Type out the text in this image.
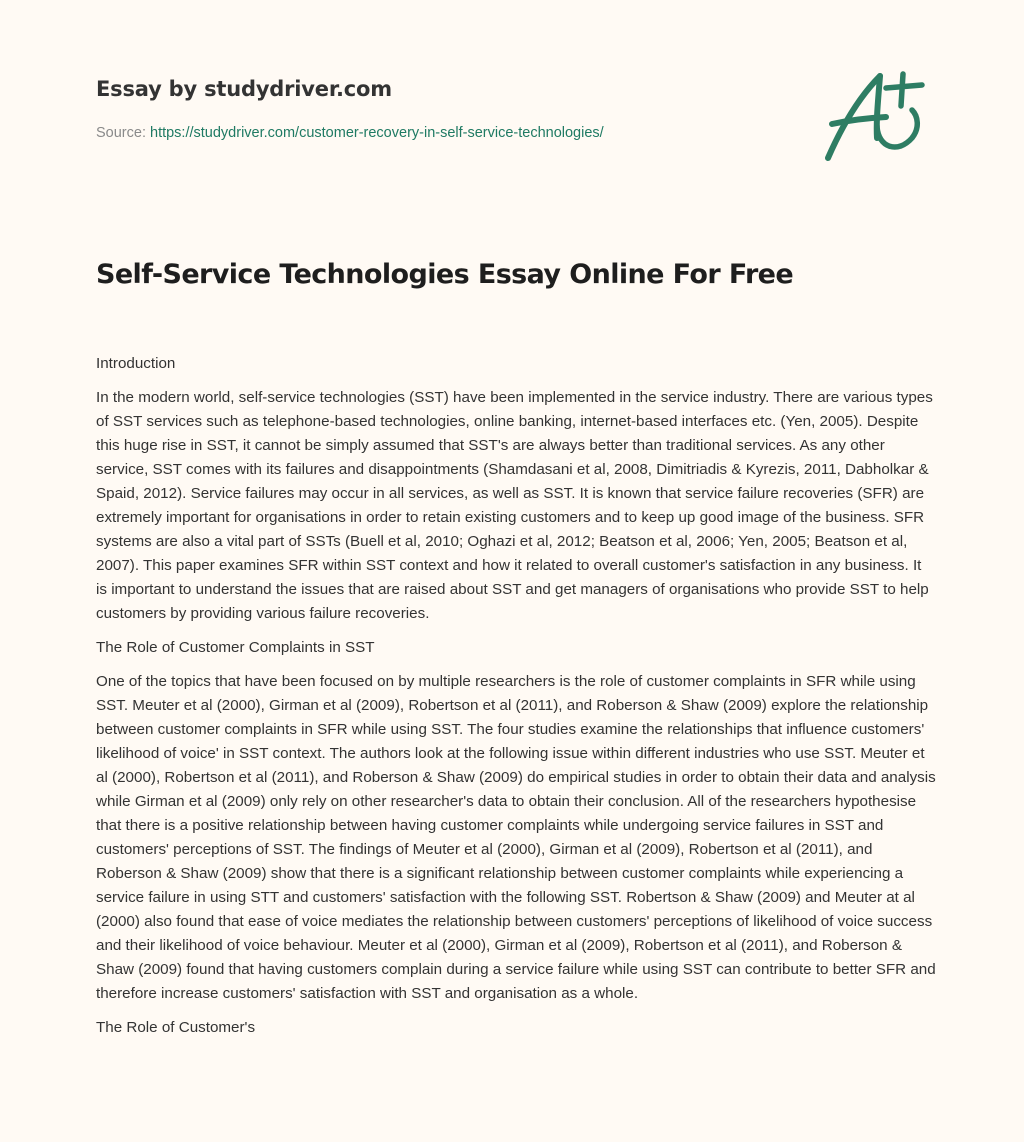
Essay by studydriver.com
Source: https://studydriver.com/customer-recovery-in-self-service-technologies/
Self-Service Technologies Essay Online For Free

Introduction

In the modern world, self-service technologies (SST) have been implemented in the service industry. There are various types of SST services such as telephone-based technologies, online banking, internet-based interfaces etc. (Yen, 2005). Despite this huge rise in SST, it cannot be simply assumed that SST's are always better than traditional services. As any other service, SST comes with its failures and disappointments (Shamdasani et al, 2008, Dimitriadis & Kyrezis, 2011, Dabholkar & Spaid, 2012). Service failures may occur in all services, as well as SST. It is known that service failure recoveries (SFR) are extremely important for organisations in order to retain existing customers and to keep up good image of the business. SFR systems are also a vital part of SSTs (Buell et al, 2010; Oghazi et al, 2012; Beatson et al, 2006; Yen, 2005; Beatson et al, 2007). This paper examines SFR within SST context and how it related to overall customer's satisfaction in any business. It is important to understand the issues that are raised about SST and get managers of organisations who provide SST to help customers by providing various failure recoveries.

The Role of Customer Complaints in SST

One of the topics that have been focused on by multiple researchers is the role of customer complaints in SFR while using SST. Meuter et al (2000), Girman et al (2009), Robertson et al (2011), and Roberson & Shaw (2009) explore the relationship between customer complaints in SFR while using SST. The four studies examine the relationships that influence customers' likelihood of voice' in SST context. The authors look at the following issue within different industries who use SST. Meuter et al (2000), Robertson et al (2011), and Roberson & Shaw (2009) do empirical studies in order to obtain their data and analysis while Girman et al (2009) only rely on other researcher's data to obtain their conclusion. All of the researchers hypothesise that there is a positive relationship between having customer complaints while undergoing service failures in SST and customers' perceptions of SST. The findings of Meuter et al (2000), Girman et al (2009), Robertson et al (2011), and Roberson & Shaw (2009) show that there is a significant relationship between customer complaints while experiencing a service failure in using STT and customers' satisfaction with the following SST. Robertson & Shaw (2009) and Meuter at al (2000) also found that ease of voice mediates the relationship between customers' perceptions of likelihood of voice success and their likelihood of voice behaviour. Meuter et al (2000), Girman et al (2009), Robertson et al (2011), and Roberson & Shaw (2009) found that having customers complain during a service failure while using SST can contribute to better SFR and therefore increase customers' satisfaction with SST and organisation as a whole.

The Role of Customer's
